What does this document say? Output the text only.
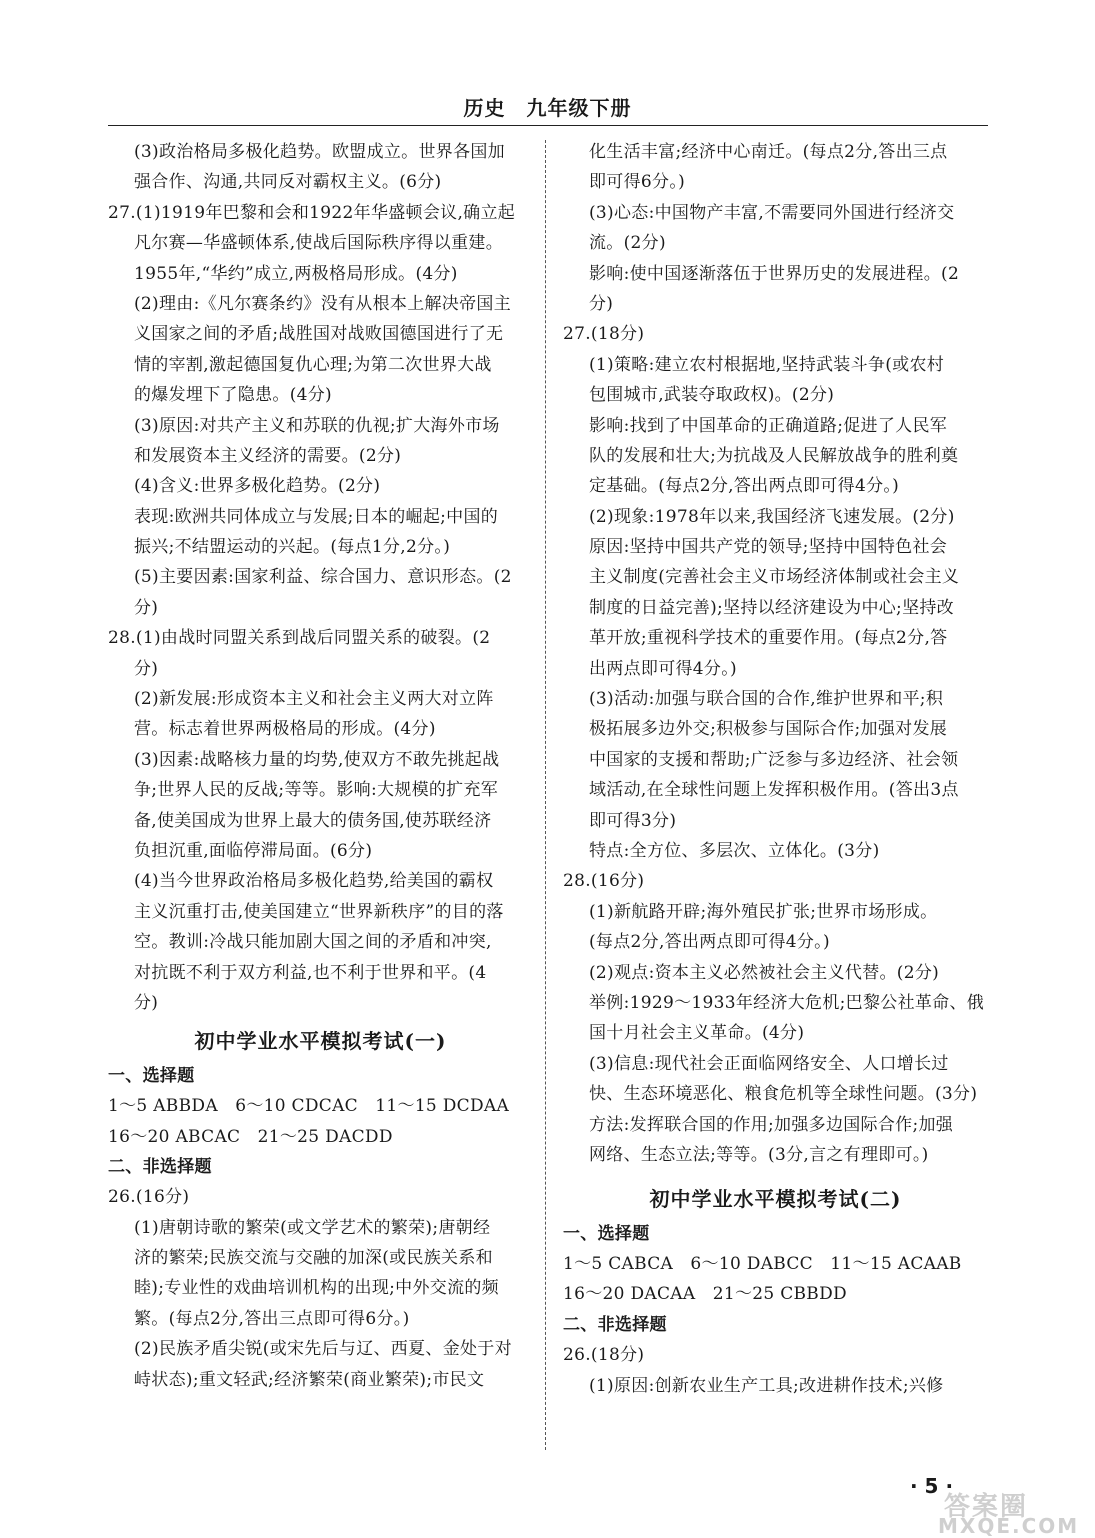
历史　九年级下册
(3)政治格局多极化趋势。欧盟成立。世界各国加
强合作、沟通,共同反对霸权主义。(6分)
27.(1)1919年巴黎和会和1922年华盛顿会议,确立起
凡尔赛—华盛顿体系,使战后国际秩序得以重建。
1955年,“华约”成立,两极格局形成。(4分)
(2)理由:《凡尔赛条约》没有从根本上解决帝国主
义国家之间的矛盾;战胜国对战败国德国进行了无
情的宰割,激起德国复仇心理;为第二次世界大战
的爆发埋下了隐患。(4分)
(3)原因:对共产主义和苏联的仇视;扩大海外市场
和发展资本主义经济的需要。(2分)
(4)含义:世界多极化趋势。(2分)
表现:欧洲共同体成立与发展;日本的崛起;中国的
振兴;不结盟运动的兴起。(每点1分,2分。)
(5)主要因素:国家利益、综合国力、意识形态。(2
分)
28.(1)由战时同盟关系到战后同盟关系的破裂。(2
分)
(2)新发展:形成资本主义和社会主义两大对立阵
营。标志着世界两极格局的形成。(4分)
(3)因素:战略核力量的均势,使双方不敢先挑起战
争;世界人民的反战;等等。影响:大规模的扩充军
备,使美国成为世界上最大的债务国,使苏联经济
负担沉重,面临停滞局面。(6分)
(4)当今世界政治格局多极化趋势,给美国的霸权
主义沉重打击,使美国建立“世界新秩序”的目的落
空。教训:冷战只能加剧大国之间的矛盾和冲突,
对抗既不利于双方利益,也不利于世界和平。(4
分)
初中学业水平模拟考试(一)
一、选择题
1～5 ABBDA　6～10 CDCAC　11～15 DCDAA
16～20 ABCAC　21～25 DACDD
二、非选择题
26.(16分)
(1)唐朝诗歌的繁荣(或文学艺术的繁荣);唐朝经
济的繁荣;民族交流与交融的加深(或民族关系和
睦);专业性的戏曲培训机构的出现;中外交流的频
繁。(每点2分,答出三点即可得6分。)
(2)民族矛盾尖锐(或宋先后与辽、西夏、金处于对
峙状态);重文轻武;经济繁荣(商业繁荣);市民文
化生活丰富;经济中心南迁。(每点2分,答出三点
即可得6分。)
(3)心态:中国物产丰富,不需要同外国进行经济交
流。(2分)
影响:使中国逐渐落伍于世界历史的发展进程。(2
分)
27.(18分)
(1)策略:建立农村根据地,坚持武装斗争(或农村
包围城市,武装夺取政权)。(2分)
影响:找到了中国革命的正确道路;促进了人民军
队的发展和壮大;为抗战及人民解放战争的胜利奠
定基础。(每点2分,答出两点即可得4分。)
(2)现象:1978年以来,我国经济飞速发展。(2分)
原因:坚持中国共产党的领导;坚持中国特色社会
主义制度(完善社会主义市场经济体制或社会主义
制度的日益完善);坚持以经济建设为中心;坚持改
革开放;重视科学技术的重要作用。(每点2分,答
出两点即可得4分。)
(3)活动:加强与联合国的合作,维护世界和平;积
极拓展多边外交;积极参与国际合作;加强对发展
中国家的支援和帮助;广泛参与多边经济、社会领
域活动,在全球性问题上发挥积极作用。(答出3点
即可得3分)
特点:全方位、多层次、立体化。(3分)
28.(16分)
(1)新航路开辟;海外殖民扩张;世界市场形成。
(每点2分,答出两点即可得4分。)
(2)观点:资本主义必然被社会主义代替。(2分)
举例:1929～1933年经济大危机;巴黎公社革命、俄
国十月社会主义革命。(4分)
(3)信息:现代社会正面临网络安全、人口增长过
快、生态环境恶化、粮食危机等全球性问题。(3分)
方法:发挥联合国的作用;加强多边国际合作;加强
网络、生态立法;等等。(3分,言之有理即可。)
初中学业水平模拟考试(二)
一、选择题
1～5 CABCA　6～10 DABCC　11～15 ACAAB
16～20 DACAA　21～25 CBBDD
二、非选择题
26.(18分)
(1)原因:创新农业生产工具;改进耕作技术;兴修
· 5 ·
答案圈
MXQE.COM
